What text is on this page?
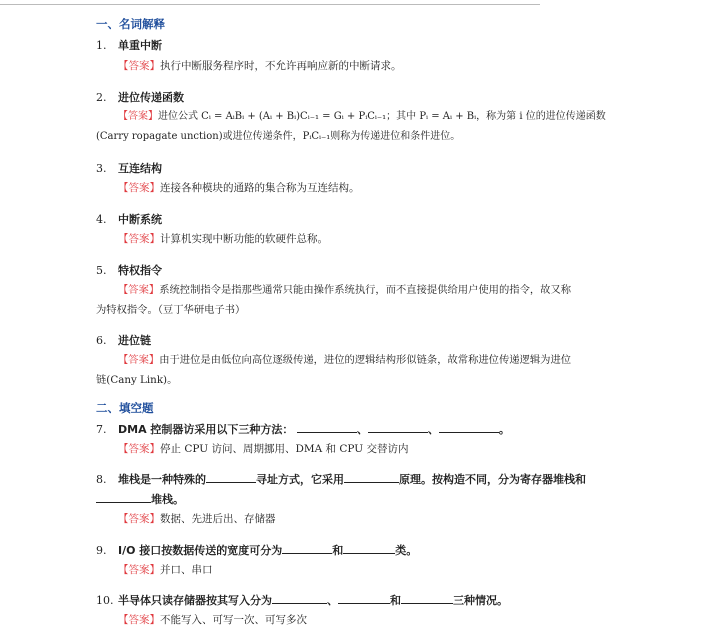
一、名词解释
1. 单重中断
【答案】执行中断服务程序时，不允许再响应新的中断请求。
2. 进位传递函数
【答案】进位公式 Cᵢ = AᵢBᵢ + (Aᵢ + Bᵢ)Cᵢ₋₁ = Gᵢ + PᵢCᵢ₋₁；其中 Pᵢ = Aᵢ + Bᵢ，称为第 i 位的进位传递函数
(Carry ropagate unction)或进位传递条件，PᵢCᵢ₋₁则称为传递进位和条件进位。
3. 互连结构
【答案】连接各种模块的通路的集合称为互连结构。
4. 中断系统
【答案】计算机实现中断功能的软硬件总称。
5. 特权指令
【答案】系统控制指令是指那些通常只能由操作系统执行，而不直接提供给用户使用的指令，故又称
为特权指令。（豆丁华研电子书）
6. 进位链
【答案】由于进位是由低位向高位逐级传递，进位的逻辑结构形似链条，故常称进位传递逻辑为进位
链(Cany Link)。
二、填空题
7. DMA 控制器访采用以下三种方法：	、	、	。
【答案】停止 CPU 访问、周期挪用、DMA 和 CPU 交替访内
8. 堆栈是一种特殊的	寻址方式，它采用	原理。按构造不同，分为寄存器堆栈和
堆栈。
【答案】数据、先进后出、存储器
9. I/O 接口按数据传送的宽度可分为	和	类。
【答案】并口、串口
10. 半导体只读存储器按其写入分为	、	和	三种情况。
【答案】不能写入、可写一次、可写多次
